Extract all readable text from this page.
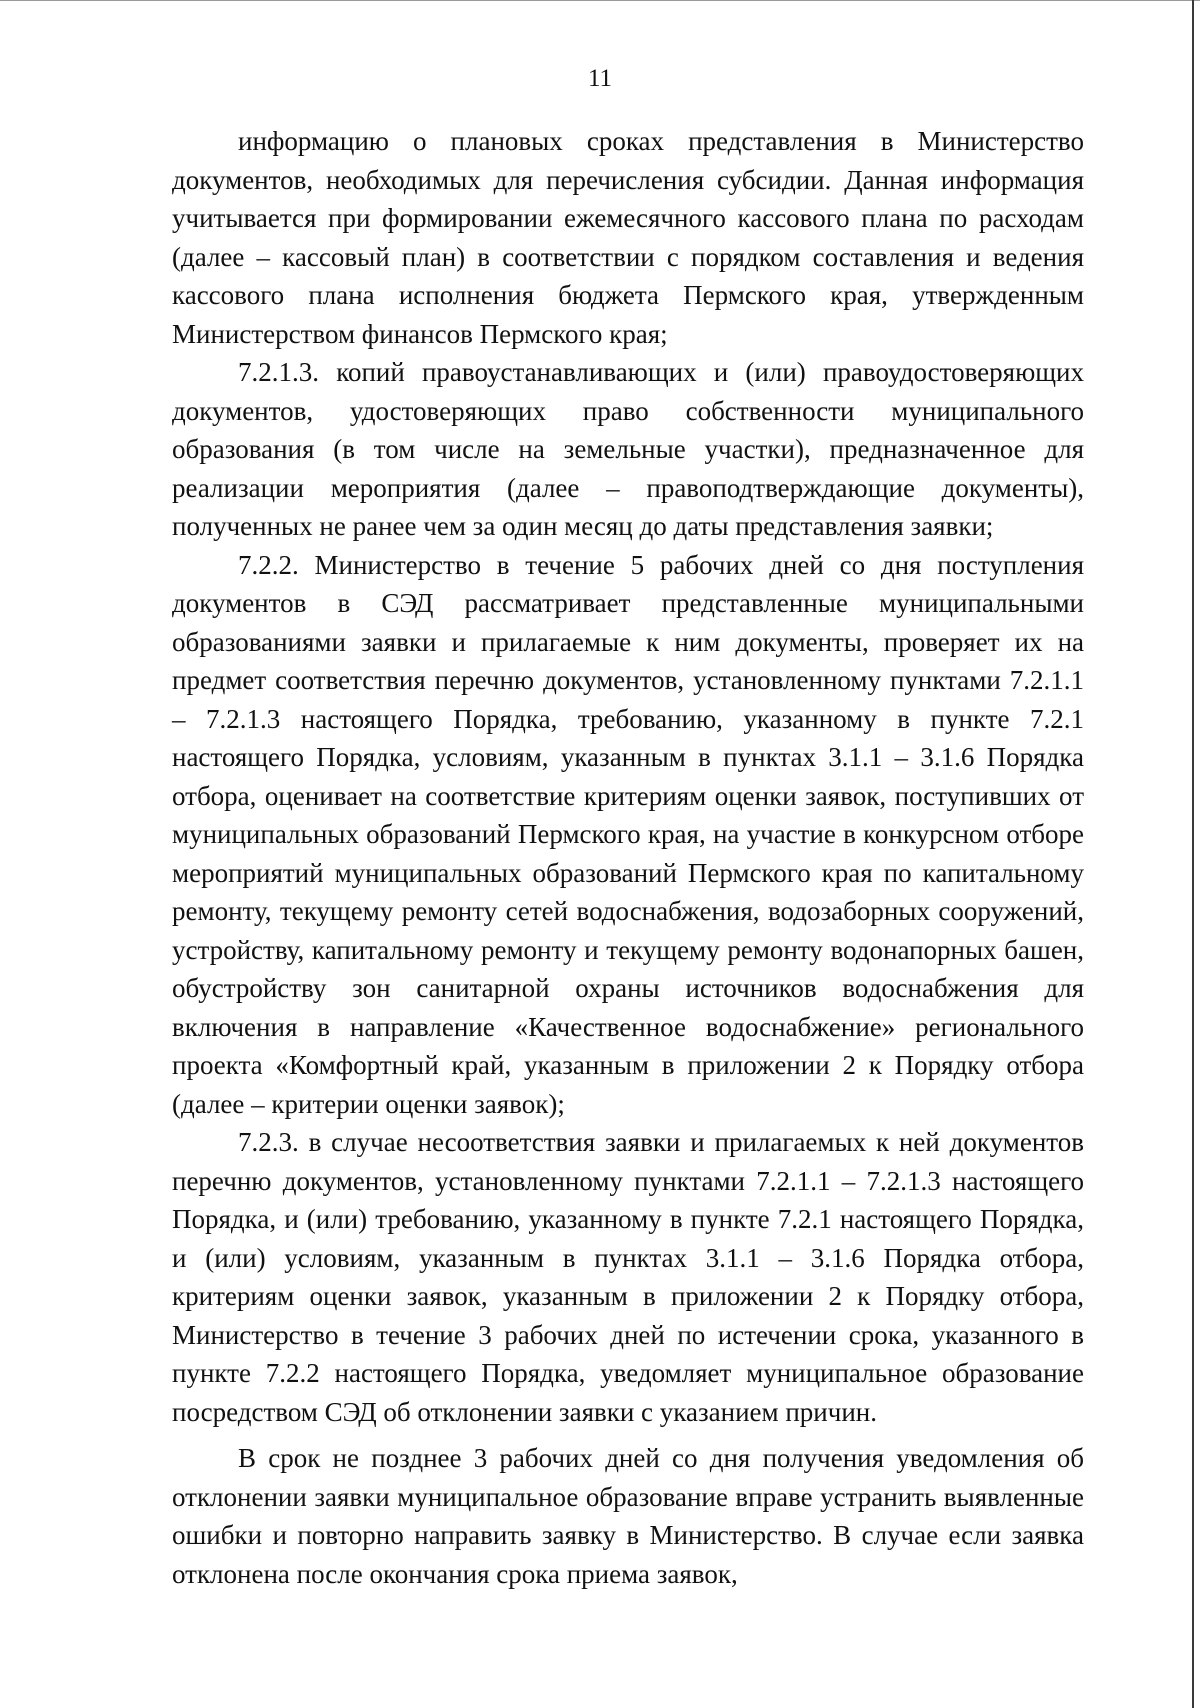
11

информацию о плановых сроках представления в Министерство документов, необходимых для перечисления субсидии. Данная информация учитывается при формировании ежемесячного кассового плана по расходам (далее – кассовый план) в соответствии с порядком составления и ведения кассового плана исполнения бюджета Пермского края, утвержденным Министерством финансов Пермского края;

7.2.1.3. копий правоустанавливающих и (или) правоудостоверяющих документов, удостоверяющих право собственности муниципального образования (в том числе на земельные участки), предназначенное для реализации мероприятия (далее – правоподтверждающие документы), полученных не ранее чем за один месяц до даты представления заявки;

7.2.2. Министерство в течение 5 рабочих дней со дня поступления документов в СЭД рассматривает представленные муниципальными образованиями заявки и прилагаемые к ним документы, проверяет их на предмет соответствия перечню документов, установленному пунктами 7.2.1.1 – 7.2.1.3 настоящего Порядка, требованию, указанному в пункте 7.2.1 настоящего Порядка, условиям, указанным в пунктах 3.1.1 – 3.1.6 Порядка отбора, оценивает на соответствие критериям оценки заявок, поступивших от муниципальных образований Пермского края, на участие в конкурсном отборе мероприятий муниципальных образований Пермского края по капитальному ремонту, текущему ремонту сетей водоснабжения, водозаборных сооружений, устройству, капитальному ремонту и текущему ремонту водонапорных башен, обустройству зон санитарной охраны источников водоснабжения для включения в направление «Качественное водоснабжение» регионального проекта «Комфортный край, указанным в приложении 2 к Порядку отбора (далее – критерии оценки заявок);

7.2.3. в случае несоответствия заявки и прилагаемых к ней документов перечню документов, установленному пунктами 7.2.1.1 – 7.2.1.3 настоящего Порядка, и (или) требованию, указанному в пункте 7.2.1 настоящего Порядка, и (или) условиям, указанным в пунктах 3.1.1 – 3.1.6 Порядка отбора, критериям оценки заявок, указанным в приложении 2 к Порядку отбора, Министерство в течение 3 рабочих дней по истечении срока, указанного в пункте 7.2.2 настоящего Порядка, уведомляет муниципальное образование посредством СЭД об отклонении заявки с указанием причин.

В срок не позднее 3 рабочих дней со дня получения уведомления об отклонении заявки муниципальное образование вправе устранить выявленные ошибки и повторно направить заявку в Министерство. В случае если заявка отклонена после окончания срока приема заявок,
